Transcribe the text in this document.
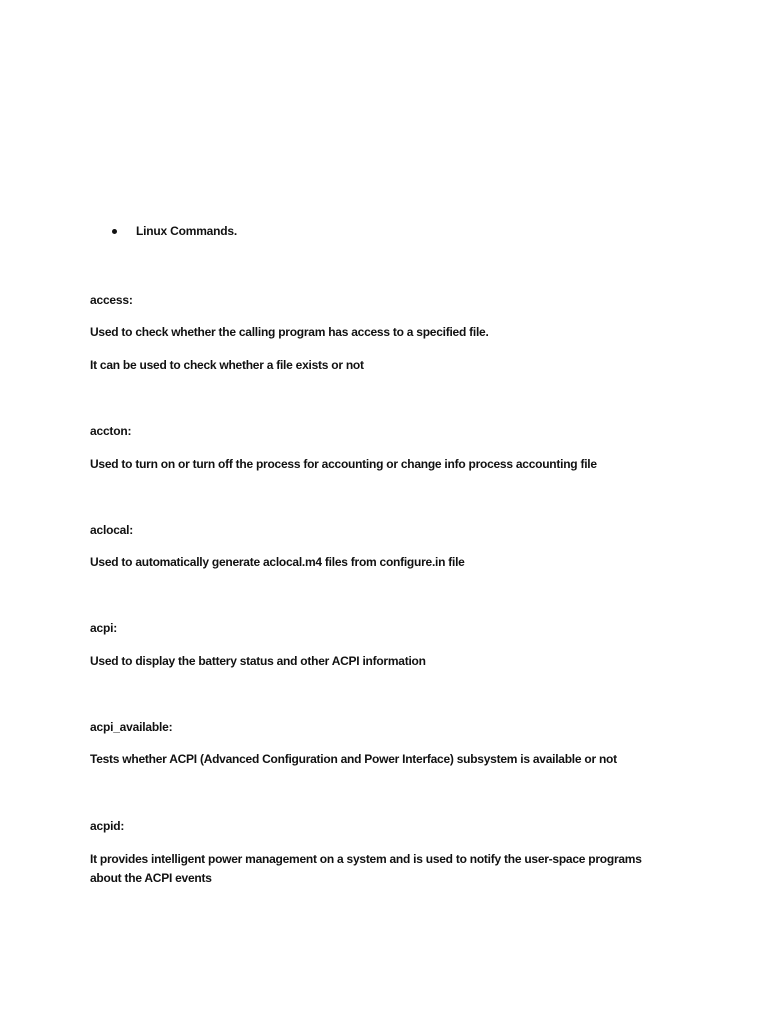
Linux Commands.
access:
Used to check whether the calling program has access to a specified file.
It can be used to check whether a file exists or not
accton:
Used to turn on or turn off the process for accounting or change info process accounting file
aclocal:
Used to automatically generate aclocal.m4 files from configure.in file
acpi:
Used to display the battery status and other ACPI information
acpi_available:
Tests whether ACPI (Advanced Configuration and Power Interface) subsystem is available or not
acpid:
It provides intelligent power management on a system and is used to notify the user-space programs
about the ACPI events
